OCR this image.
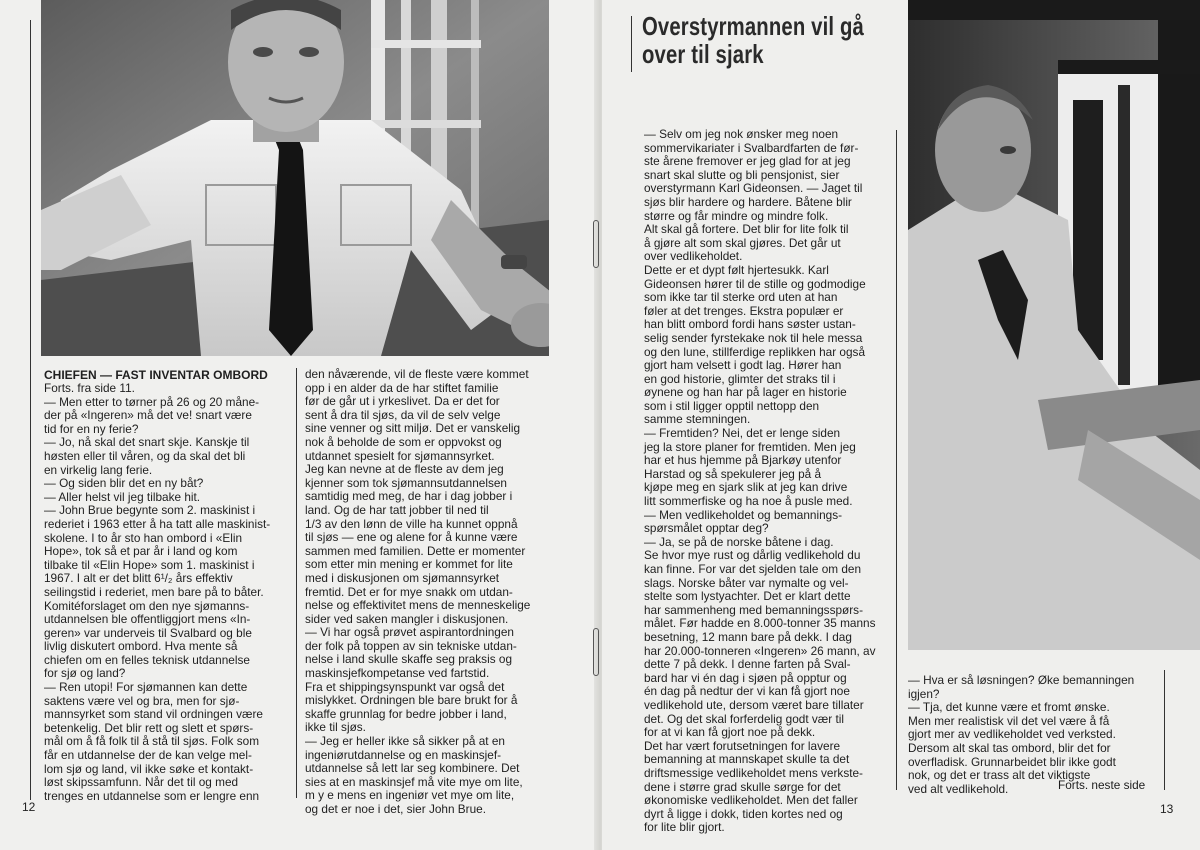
CHIEFEN — FAST INVENTAR OMBORD

Forts. fra side 11.

— Men etter to tørner på 26 og 20 måne-
der på «Ingeren» må det ve! snart være
tid for en ny ferie?

— Jo, nå skal det snart skje. Kanskje til
høsten eller til våren, og da skal det bli
en virkelig lang ferie.

— Og siden blir det en ny båt?

— Aller helst vil jeg tilbake hit.

— John Brue begynte som 2. maskinist i
rederiet i 1963 etter å ha tatt alle maskinist-
skolene. I to år sto han ombord i «Elin
Hope», tok så et par år i land og kom
tilbake til «Elin Hope» som 1. maskinist i
1967. I alt er det blitt 6¹/₂ års effektiv
seilingstid i rederiet, men bare på to båter.
Komitéforslaget om den nye sjømanns-
utdannelsen ble offentliggjort mens «In-
geren» var underveis til Svalbard og ble
livlig diskutert ombord. Hva mente så
chiefen om en felles teknisk utdannelse
for sjø og land?

— Ren utopi! For sjømannen kan dette
saktens være vel og bra, men for sjø-
mannsyrket som stand vil ordningen være
betenkelig. Det blir rett og slett et spørs-
mål om å få folk til å stå til sjøs. Folk som
får en utdannelse der de kan velge mel-
lom sjø og land, vil ikke søke et kontakt-
løst skipssamfunn. Når det til og med
trenges en utdannelse som er lengre enn

den nåværende, vil de fleste være kommet
opp i en alder da de har stiftet familie
før de går ut i yrkeslivet. Da er det for
sent å dra til sjøs, da vil de selv velge
sine venner og sitt miljø. Det er vanskelig
nok å beholde de som er oppvokst og
utdannet spesielt for sjømannsyrket.
Jeg kan nevne at de fleste av dem jeg
kjenner som tok sjømannsutdannelsen
samtidig med meg, de har i dag jobber i
land. Og de har tatt jobber til ned til
1/3 av den lønn de ville ha kunnet oppnå
til sjøs — ene og alene for å kunne være
sammen med familien. Dette er momenter
som etter min mening er kommet for lite
med i diskusjonen om sjømannsyrket
fremtid. Det er for mye snakk om utdan-
nelse og effektivitet mens de menneskelige
sider ved saken mangler i diskusjonen.

— Vi har også prøvet aspirantordningen
der folk på toppen av sin tekniske utdan-
nelse i land skulle skaffe seg praksis og
maskinsjefkompetanse ved fartstid.
Fra et shippingsynspunkt var også det
mislykket. Ordningen ble bare brukt for å
skaffe grunnlag for bedre jobber i land,
ikke til sjøs.

— Jeg er heller ikke så sikker på at en
ingeniørutdannelse og en maskinsjef-
utdannelse så lett lar seg kombinere. Det
sies at en maskinsjef må vite mye om lite,
m y e mens en ingeniør vet mye om lite,
og det er noe i det, sier John Brue.

12
Overstyrmannen vil gå
over til sjark

— Selv om jeg nok ønsker meg noen
sommervikariater i Svalbardfarten de før-
ste årene fremover er jeg glad for at jeg
snart skal slutte og bli pensjonist, sier
overstyrmann Karl Gideonsen. — Jaget til
sjøs blir hardere og hardere. Båtene blir
større og får mindre og mindre folk.
Alt skal gå fortere. Det blir for lite folk til
å gjøre alt som skal gjøres. Det går ut
over vedlikeholdet.
Dette er et dypt følt hjertesukk. Karl
Gideonsen hører til de stille og godmodige
som ikke tar til sterke ord uten at han
føler at det trenges. Ekstra populær er
han blitt ombord fordi hans søster ustan-
selig sender fyrstekake nok til hele messa
og den lune, stillferdige replikken har også
gjort ham velsett i godt lag. Hører han
en god historie, glimter det straks til i
øynene og han har på lager en historie
som i stil ligger opptil nettopp den
samme stemningen.

— Fremtiden? Nei, det er lenge siden
jeg la store planer for fremtiden. Men jeg
har et hus hjemme på Bjarkøy utenfor
Harstad og så spekulerer jeg på å
kjøpe meg en sjark slik at jeg kan drive
litt sommerfiske og ha noe å pusle med.

— Men vedlikeholdet og bemannings-
spørsmålet opptar deg?

— Ja, se på de norske båtene i dag.
Se hvor mye rust og dårlig vedlikehold du
kan finne. For var det sjelden tale om den
slags. Norske båter var nymalte og vel-
stelte som lystyachter. Det er klart dette
har sammenheng med bemanningsspørs-
målet. Før hadde en 8.000-tonner 35 manns
besetning, 12 mann bare på dekk. I dag
har 20.000-tonneren «Ingeren» 26 mann, av
dette 7 på dekk. I denne farten på Sval-
bard har vi én dag i sjøen på opptur og
én dag på nedtur der vi kan få gjort noe
vedlikehold ute, dersom været bare tillater
det. Og det skal forferdelig godt vær til
for at vi kan få gjort noe på dekk.
Det har vært forutsetningen for lavere
bemanning at mannskapet skulle ta det
driftsmessige vedlikeholdet mens verkste-
dene i større grad skulle sørge for det
økonomiske vedlikeholdet. Men det faller
dyrt å ligge i dokk, tiden kortes ned og
for lite blir gjort.

— Hva er så løsningen? Øke bemanningen
igjen?

— Tja, det kunne være et fromt ønske.
Men mer realistisk vil det vel være å få
gjort mer av vedlikeholdet ved verksted.
Dersom alt skal tas ombord, blir det for
overfladisk. Grunnarbeidet blir ikke godt
nok, og det er trass alt det viktigste
ved alt vedlikehold.	Forts. neste side
13
